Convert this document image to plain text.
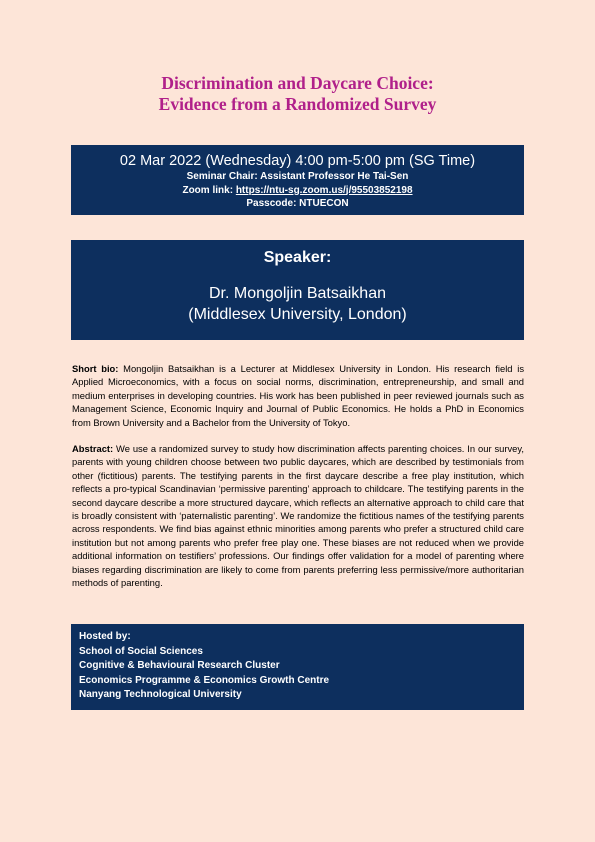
Discrimination and Daycare Choice:
Evidence from a Randomized Survey
02 Mar 2022 (Wednesday) 4:00 pm-5:00 pm (SG Time)
Seminar Chair: Assistant Professor He Tai-Sen
Zoom link: https://ntu-sg.zoom.us/j/95503852198
Passcode: NTUECON
Speaker:
Dr. Mongoljin Batsaikhan
(Middlesex University, London)
Short bio: Mongoljin Batsaikhan is a Lecturer at Middlesex University in London. His research field is Applied Microeconomics, with a focus on social norms, discrimination, entrepreneurship, and small and medium enterprises in developing countries. His work has been published in peer reviewed journals such as Management Science, Economic Inquiry and Journal of Public Economics. He holds a PhD in Economics from Brown University and a Bachelor from the University of Tokyo.
Abstract: We use a randomized survey to study how discrimination affects parenting choices. In our survey, parents with young children choose between two public daycares, which are described by testimonials from other (fictitious) parents. The testifying parents in the first daycare describe a free play institution, which reflects a pro-typical Scandinavian ‘permissive parenting’ approach to childcare. The testifying parents in the second daycare describe a more structured daycare, which reflects an alternative approach to child care that is broadly consistent with ‘paternalistic parenting’. We randomize the fictitious names of the testifying parents across respondents. We find bias against ethnic minorities among parents who prefer a structured child care institution but not among parents who prefer free play one. These biases are not reduced when we provide additional information on testifiers’ professions. Our findings offer validation for a model of parenting where biases regarding discrimination are likely to come from parents preferring less permissive/more authoritarian methods of parenting.
Hosted by:
School of Social Sciences
Cognitive & Behavioural Research Cluster
Economics Programme & Economics Growth Centre
Nanyang Technological University
